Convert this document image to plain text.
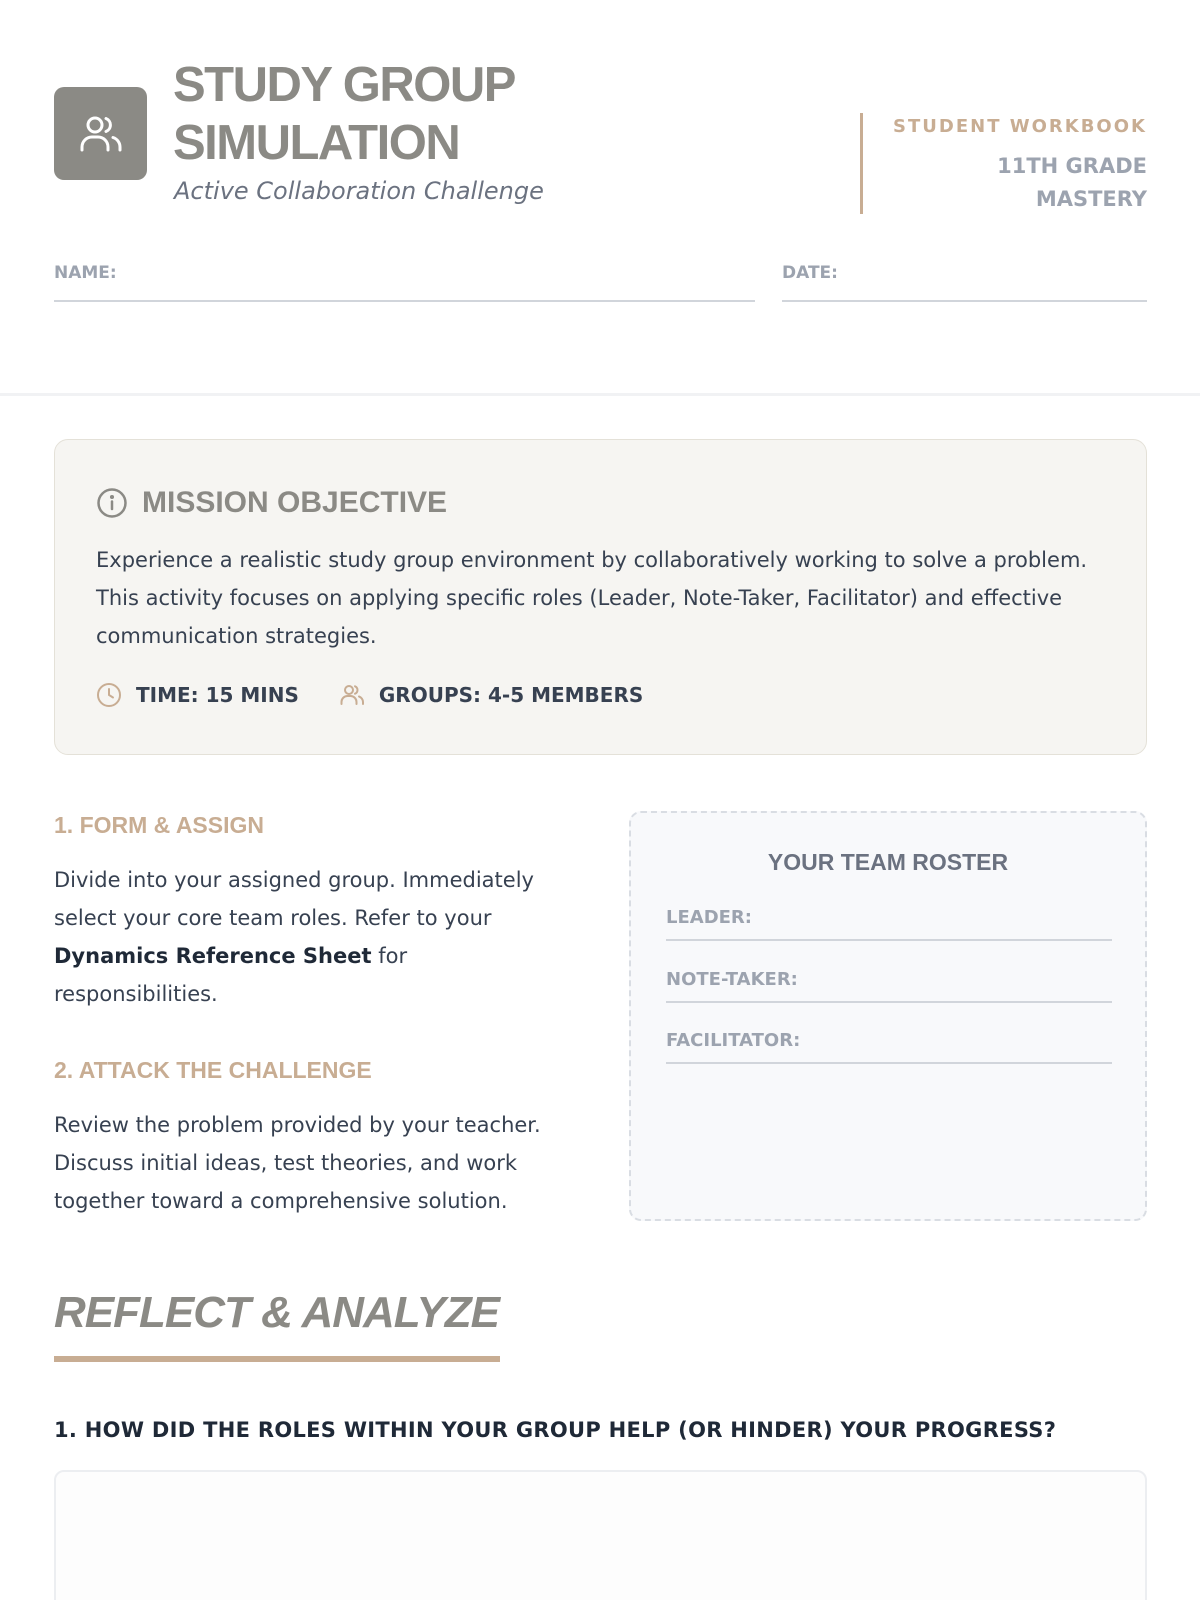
STUDY GROUP
SIMULATION
Active Collaboration Challenge
STUDENT WORKBOOK
11TH GRADE
MASTERY
NAME:	DATE:
MISSION OBJECTIVE
Experience a realistic study group environment by collaboratively working to solve a problem. This activity focuses on applying specific roles (Leader, Note-Taker, Facilitator) and effective communication strategies.
TIME: 15 MINS	GROUPS: 4-5 MEMBERS
1. FORM & ASSIGN
Divide into your assigned group. Immediately select your core team roles. Refer to your Dynamics Reference Sheet for responsibilities.
2. ATTACK THE CHALLENGE
Review the problem provided by your teacher. Discuss initial ideas, test theories, and work together toward a comprehensive solution.
YOUR TEAM ROSTER
LEADER:
NOTE-TAKER:
FACILITATOR:
REFLECT & ANALYZE
1. HOW DID THE ROLES WITHIN YOUR GROUP HELP (OR HINDER) YOUR PROGRESS?
